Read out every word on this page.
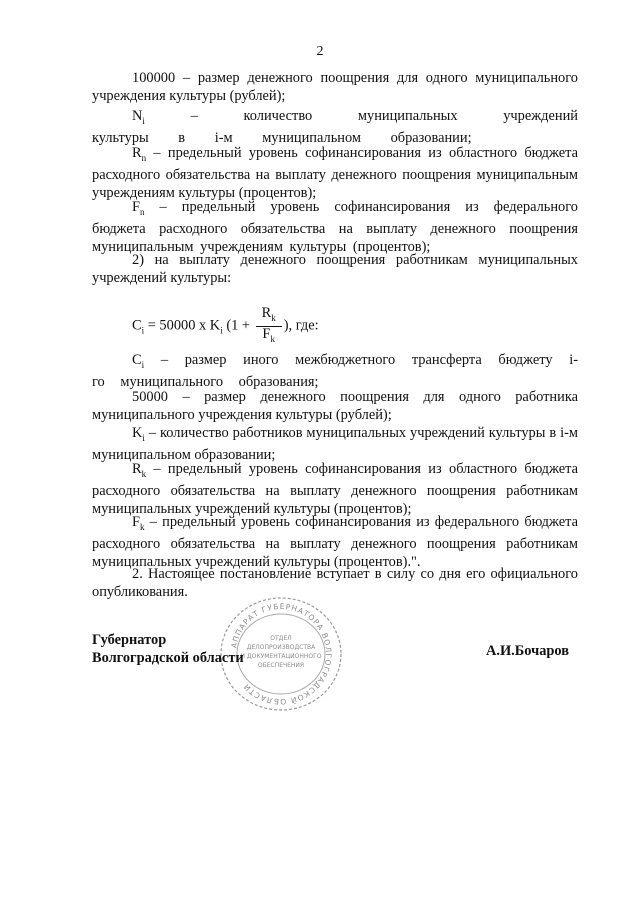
2
100000 – размер денежного поощрения для одного муниципального учреждения культуры (рублей);
$N_i$ – количество муниципальных учреждений культуры в i-м муниципальном образовании;
$R_n$ – предельный уровень софинансирования из областного бюджета расходного обязательства на выплату денежного поощрения муниципальным учреждениям культуры (процентов);
$F_n$ – предельный уровень софинансирования из федерального бюджета расходного обязательства на выплату денежного поощрения муниципальным учреждениям культуры (процентов);
2) на выплату денежного поощрения работникам муниципальных учреждений культуры:
$C_i = 50000$ x $K_i$ ($1 + \frac{R_k}{F_k}$ ), где:
$C_i$ – размер иного межбюджетного трансферта бюджету i-го муниципального образования;
50000 – размер денежного поощрения для одного работника муниципального учреждения культуры (рублей);
$K_i$ – количество работников муниципальных учреждений культуры в i-м муниципальном образовании;
$R_k$ – предельный уровень софинансирования из областного бюджета расходного обязательства на выплату денежного поощрения работникам муниципальных учреждений культуры (процентов);
$F_k$ – предельный уровень софинансирования из федерального бюджета расходного обязательства на выплату денежного поощрения работникам муниципальных учреждений культуры (процентов).".
2. Настоящее постановление вступает в силу со дня его официального опубликования.
АППАРАТ ГУБЕРНАТОРА ВОЛГОГРАДСКОЙ ОБЛАСТИ
ОТДЕЛ
ДЕЛОПРОИЗВОДСТВА
И ДОКУМЕНТАЦИОННОГО
ОБЕСПЕЧЕНИЯ
Губернатор
Волгоградской области	А.И.Бочаров
